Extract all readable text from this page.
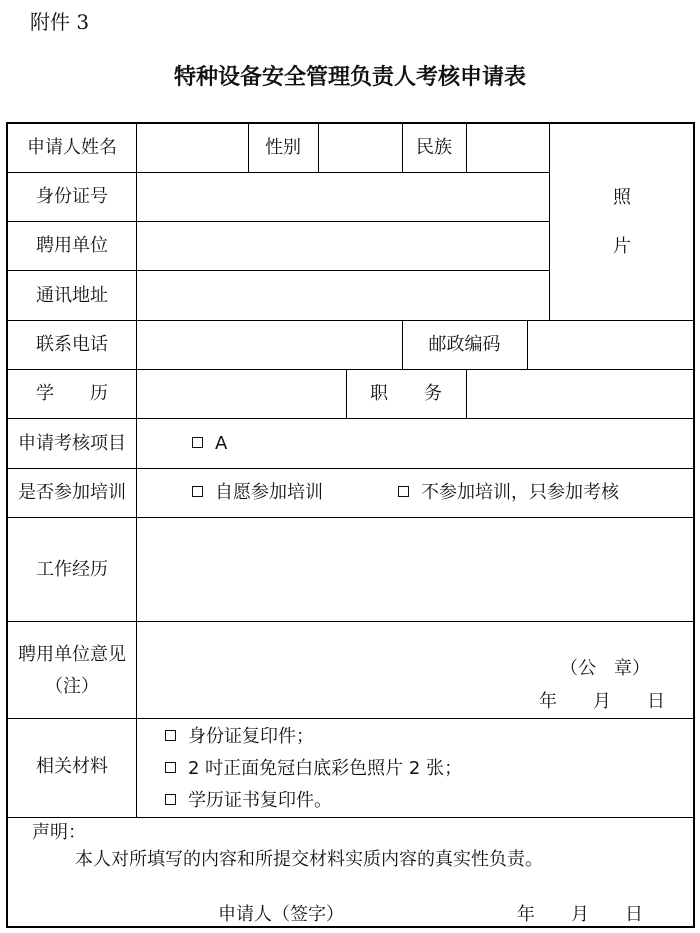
附件 3
特种设备安全管理负责人考核申请表
申请人姓名	性别	民族
照
片
身份证号
聘用单位
通讯地址
联系电话	邮政编码
学　　历	职　　务
申请考核项目	A
是否参加培训	自愿参加培训	不参加培训，只参加考核
工作经历
聘用单位意见
（注）
（公　章）
年　　月　　日
相关材料
身份证复印件；
2 吋正面免冠白底彩色照片 2 张；
学历证书复印件。
声明：
本人对所填写的内容和所提交材料实质内容的真实性负责。
申请人（签字）	年　　月　　日
